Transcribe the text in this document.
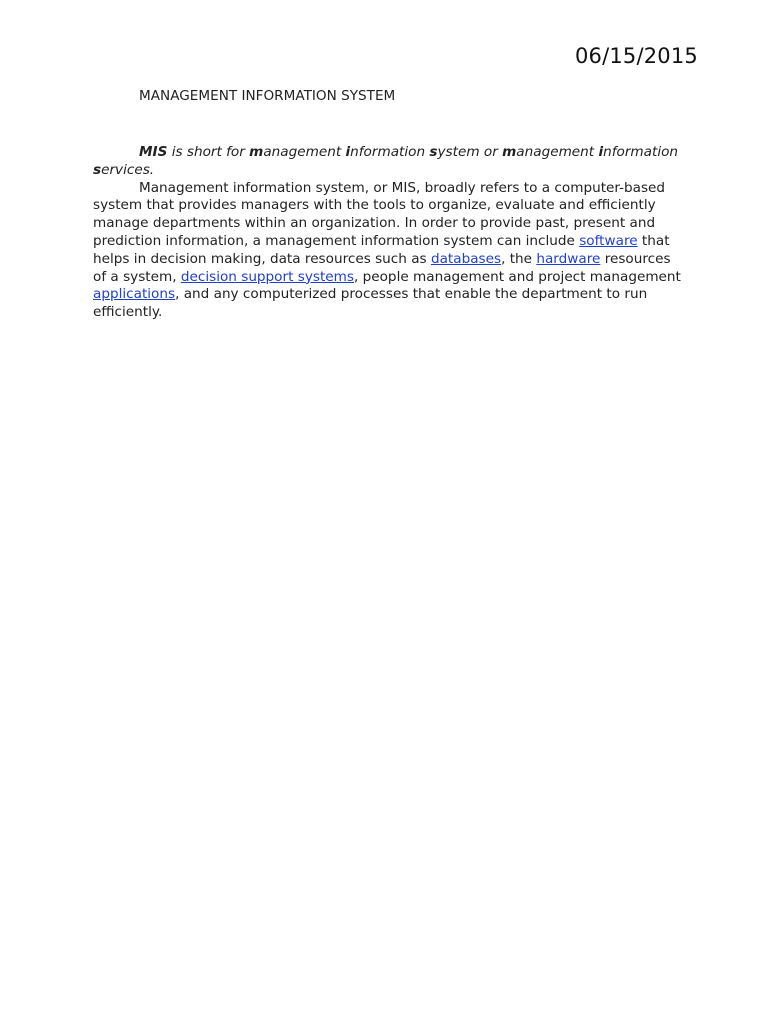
06/15/2015
MANAGEMENT INFORMATION SYSTEM

MIS is short for management information system or management information services.

Management information system, or MIS, broadly refers to a computer-based system that provides managers with the tools to organize, evaluate and efficiently manage departments within an organization. In order to provide past, present and prediction information, a management information system can include software that helps in decision making, data resources such as databases, the hardware resources of a system, decision support systems, people management and project management applications, and any computerized processes that enable the department to run efficiently.
